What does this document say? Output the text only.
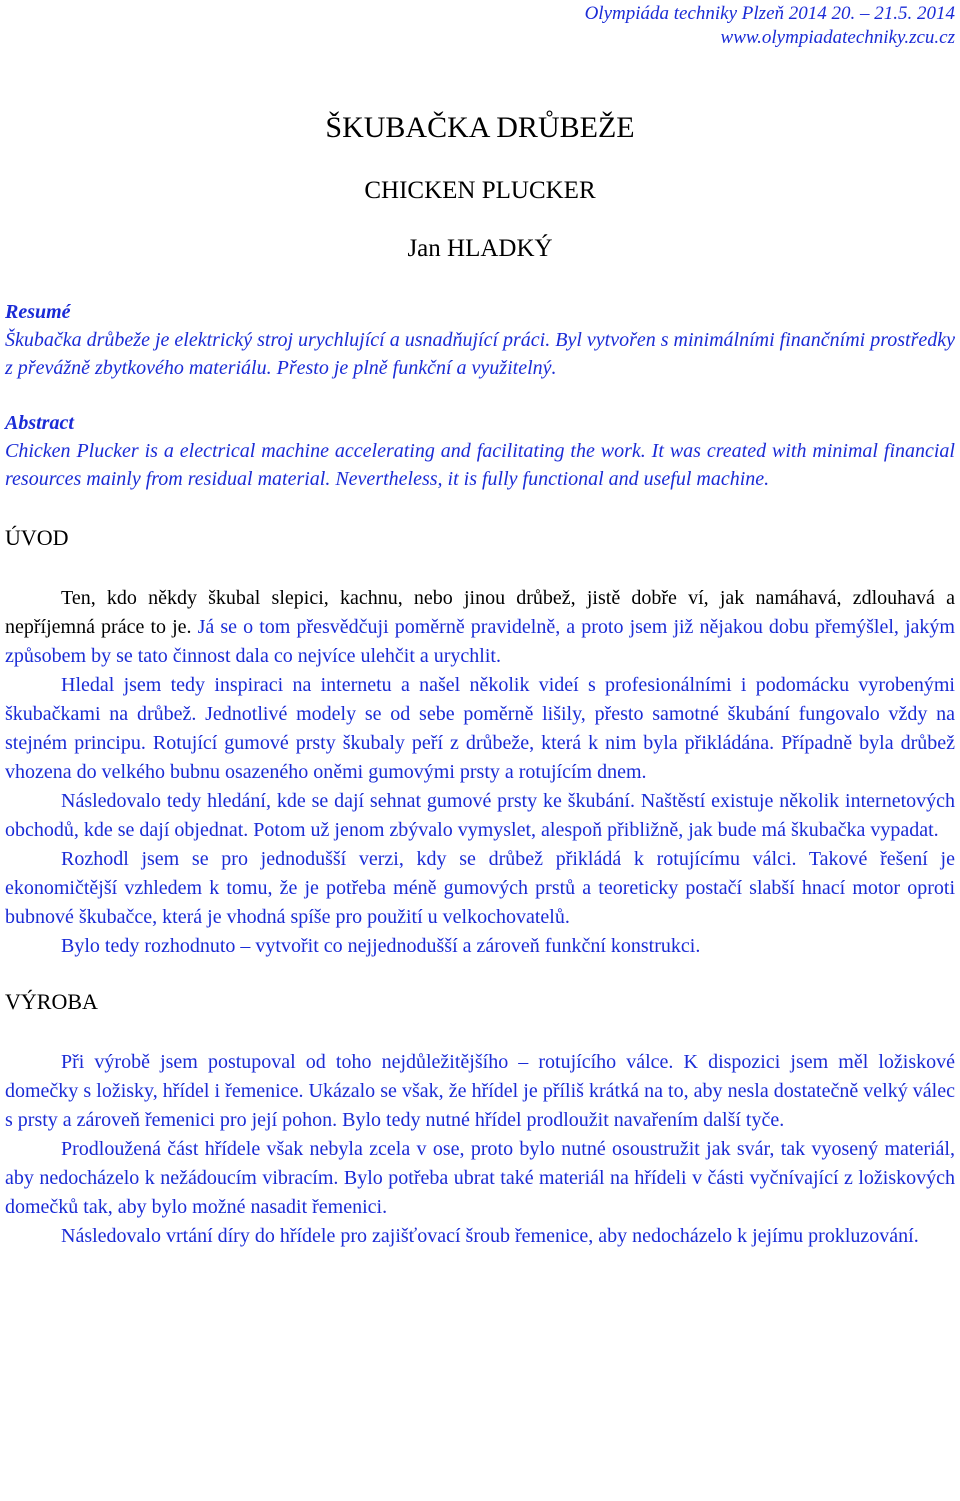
Olympiáda techniky Plzeň 2014 20. – 21.5. 2014
www.olympiadatechniky.zcu.cz
ŠKUBAČKA DRŮBEŽE
CHICKEN PLUCKER
Jan HLADKÝ
Resumé

Škubačka drůbeže je elektrický stroj urychlující a usnadňující práci. Byl vytvořen s minimálními finančními prostředky z převážně zbytkového materiálu. Přesto je plně funkční a využitelný.

Abstract

Chicken Plucker is a electrical machine accelerating and facilitating the work. It was created with minimal financial resources mainly from residual material. Nevertheless, it is fully functional and useful machine.

ÚVOD

Ten, kdo někdy škubal slepici, kachnu, nebo jinou drůbež, jistě dobře ví, jak namáhavá, zdlouhavá a nepříjemná práce to je. Já se o tom přesvědčuji poměrně pravidelně, a proto jsem již nějakou dobu přemýšlel, jakým způsobem by se tato činnost dala co nejvíce ulehčit a urychlit.

Hledal jsem tedy inspiraci na internetu a našel několik videí s profesionálními i podomácku vyrobenými škubačkami na drůbež. Jednotlivé modely se od sebe poměrně lišily, přesto samotné škubání fungovalo vždy na stejném principu. Rotující gumové prsty škubaly peří z drůbeže, která k nim byla přikládána. Případně byla drůbež vhozena do velkého bubnu osazeného oněmi gumovými prsty a rotujícím dnem.

Následovalo tedy hledání, kde se dají sehnat gumové prsty ke škubání. Naštěstí existuje několik internetových obchodů, kde se dají objednat. Potom už jenom zbývalo vymyslet, alespoň přibližně, jak bude má škubačka vypadat.

Rozhodl jsem se pro jednodušší verzi, kdy se drůbež přikládá k rotujícímu válci. Takové řešení je ekonomičtější vzhledem k tomu, že je potřeba méně gumových prstů a teoreticky postačí slabší hnací motor oproti bubnové škubačce, která je vhodná spíše pro použití u velkochovatelů.

Bylo tedy rozhodnuto – vytvořit co nejjednodušší a zároveň funkční konstrukci.

VÝROBA

Při výrobě jsem postupoval od toho nejdůležitějšího – rotujícího válce. K dispozici jsem měl ložiskové domečky s ložisky, hřídel i řemenice. Ukázalo se však, že hřídel je příliš krátká na to, aby nesla dostatečně velký válec s prsty a zároveň řemenici pro její pohon. Bylo tedy nutné hřídel prodloužit navařením další tyče.

Prodloužená část hřídele však nebyla zcela v ose, proto bylo nutné osoustružit jak svár, tak vyosený materiál, aby nedocházelo k nežádoucím vibracím. Bylo potřeba ubrat také materiál na hřídeli v části vyčnívající z ložiskových domečků tak, aby bylo možné nasadit řemenici.

Následovalo vrtání díry do hřídele pro zajišťovací šroub řemenice, aby nedocházelo k jejímu prokluzování.
